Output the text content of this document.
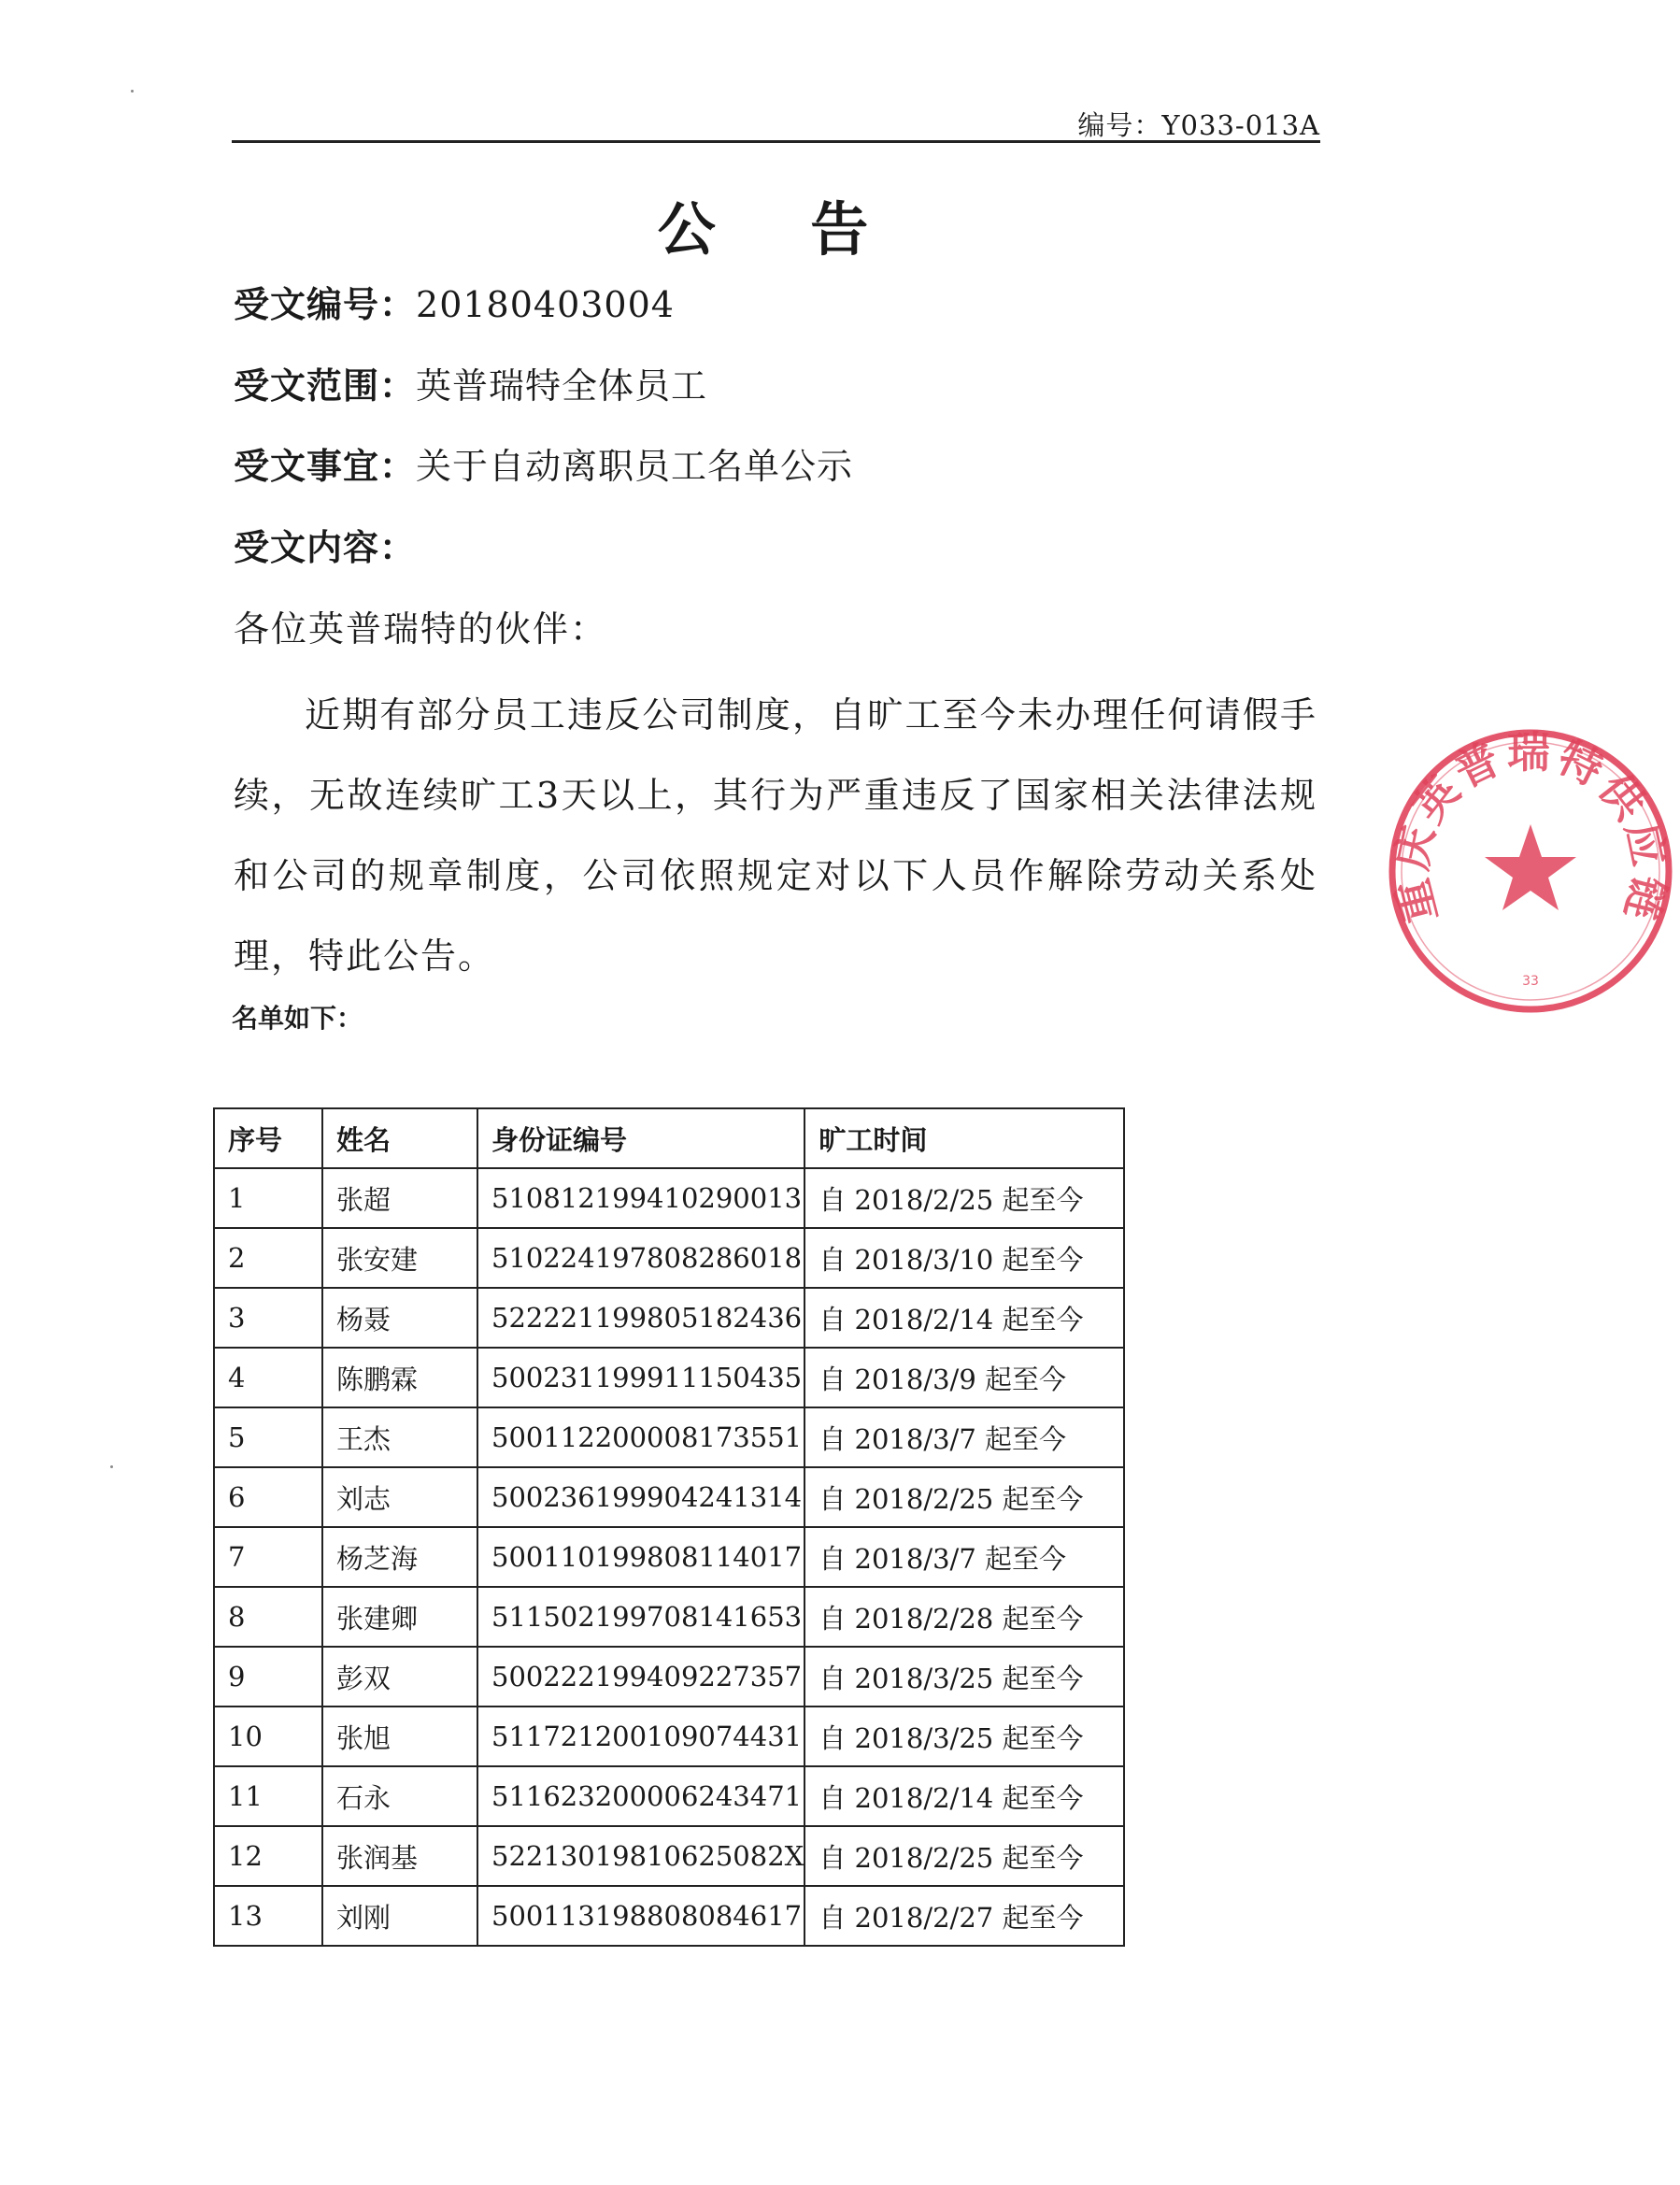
编号：Y033-013A
公 告
受文编号：20180403004
受文范围：英普瑞特全体员工
受文事宜：关于自动离职员工名单公示
受文内容：
各位英普瑞特的伙伴：
近期有部分员工违反公司制度，自旷工至今未办理任何请假手续，无故连续旷工3天以上，其行为严重违反了国家相关法律法规和公司的规章制度，公司依照规定对以下人员作解除劳动关系处理，特此公告。
名单如下：
序号	姓名	身份证编号	旷工时间
1	张超	510812199410290013	自 2018/2/25 起至今
2	张安建	510224197808286018	自 2018/3/10 起至今
3	杨聂	522221199805182436	自 2018/2/14 起至今
4	陈鹏霖	500231199911150435	自 2018/3/9 起至今
5	王杰	500112200008173551	自 2018/3/7 起至今
6	刘志	500236199904241314	自 2018/2/25 起至今
7	杨芝海	500110199808114017	自 2018/3/7 起至今
8	张建卿	511502199708141653	自 2018/2/28 起至今
9	彭双	500222199409227357	自 2018/3/25 起至今
10	张旭	511721200109074431	自 2018/3/25 起至今
11	石永	511623200006243471	自 2018/2/14 起至今
12	张润基	52213019810625082X	自 2018/2/25 起至今
13	刘刚	500113198808084617	自 2018/2/27 起至今
重庆英普瑞特供应链
33
